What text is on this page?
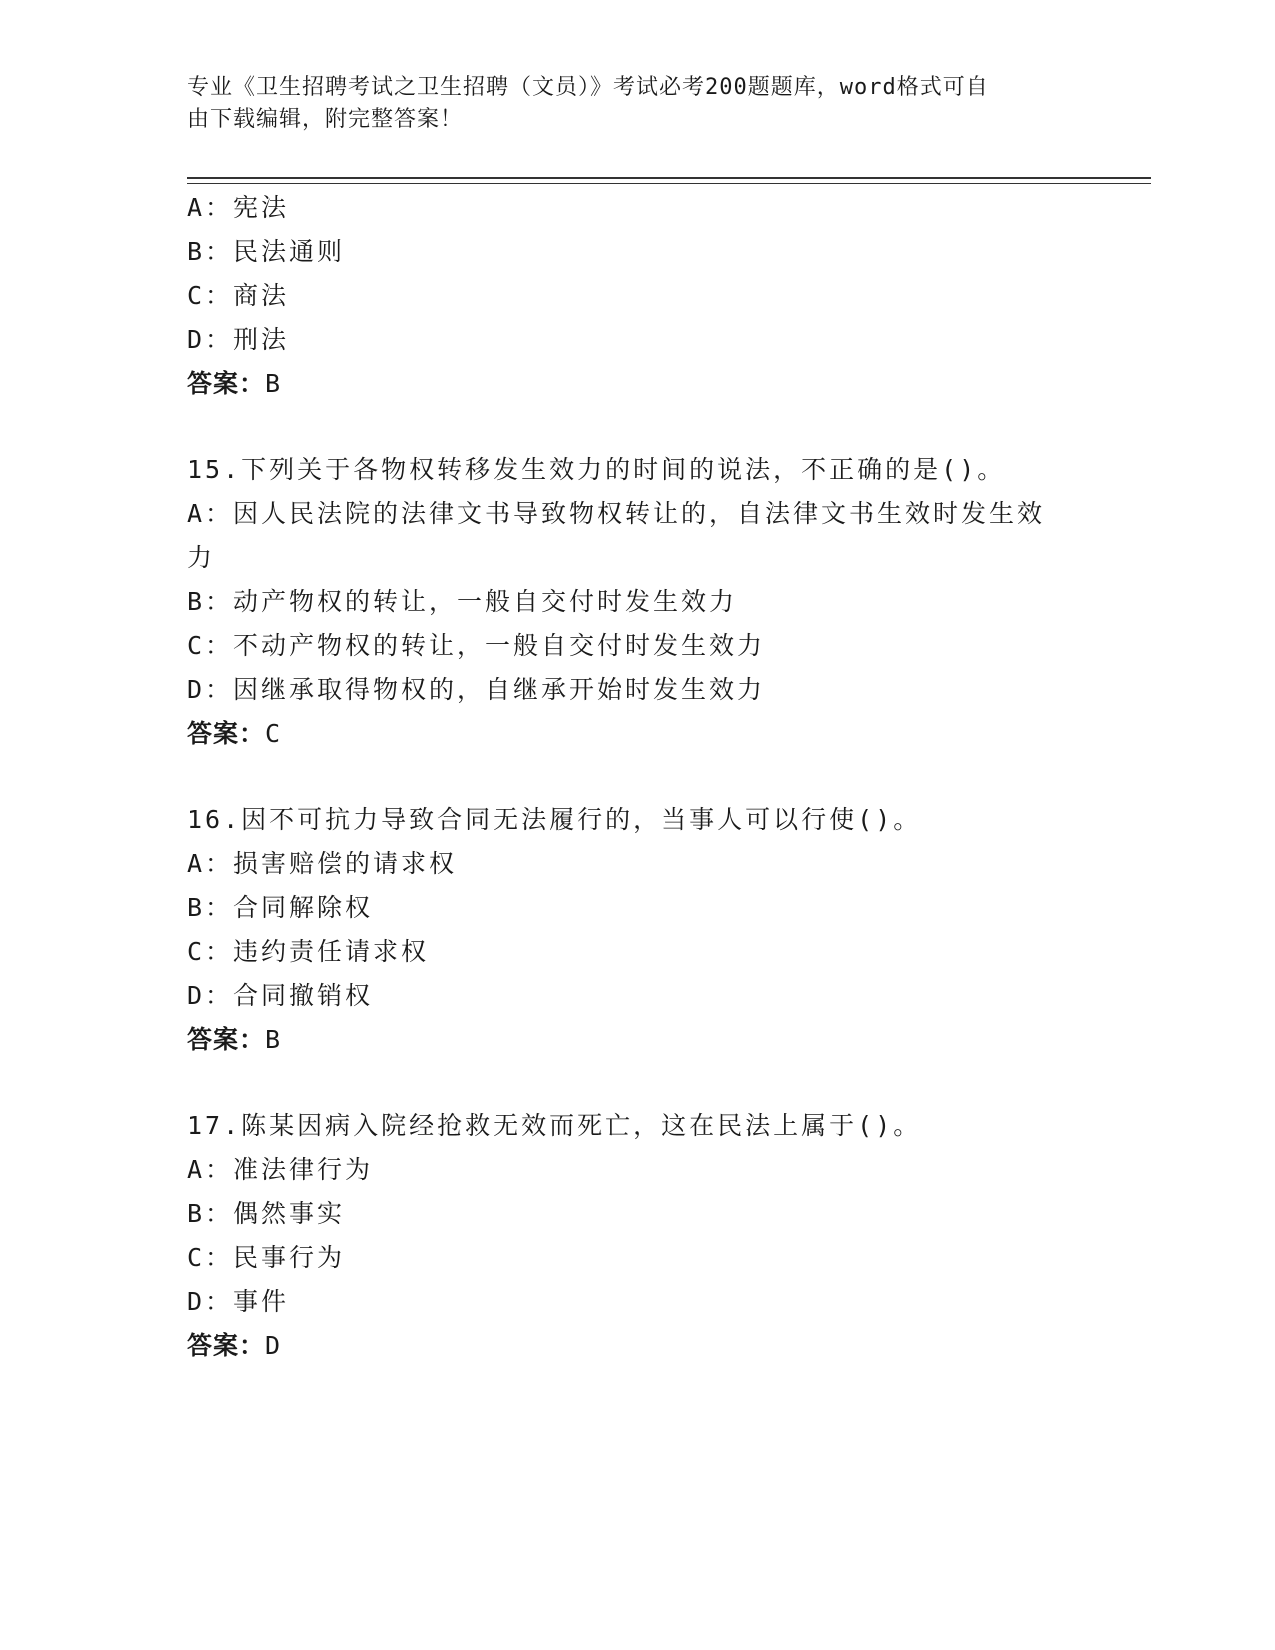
专业《卫生招聘考试之卫生招聘（文员）》考试必考200题题库，word格式可自
由下载编辑，附完整答案！
A：宪法
B：民法通则
C：商法
D：刑法
答案：B
15.下列关于各物权转移发生效力的时间的说法，不正确的是()。
A：因人民法院的法律文书导致物权转让的，自法律文书生效时发生效
力
B：动产物权的转让，一般自交付时发生效力
C：不动产物权的转让，一般自交付时发生效力
D：因继承取得物权的，自继承开始时发生效力
答案：C
16.因不可抗力导致合同无法履行的，当事人可以行使()。
A：损害赔偿的请求权
B：合同解除权
C：违约责任请求权
D：合同撤销权
答案：B
17.陈某因病入院经抢救无效而死亡，这在民法上属于()。
A：准法律行为
B：偶然事实
C：民事行为
D：事件
答案：D
